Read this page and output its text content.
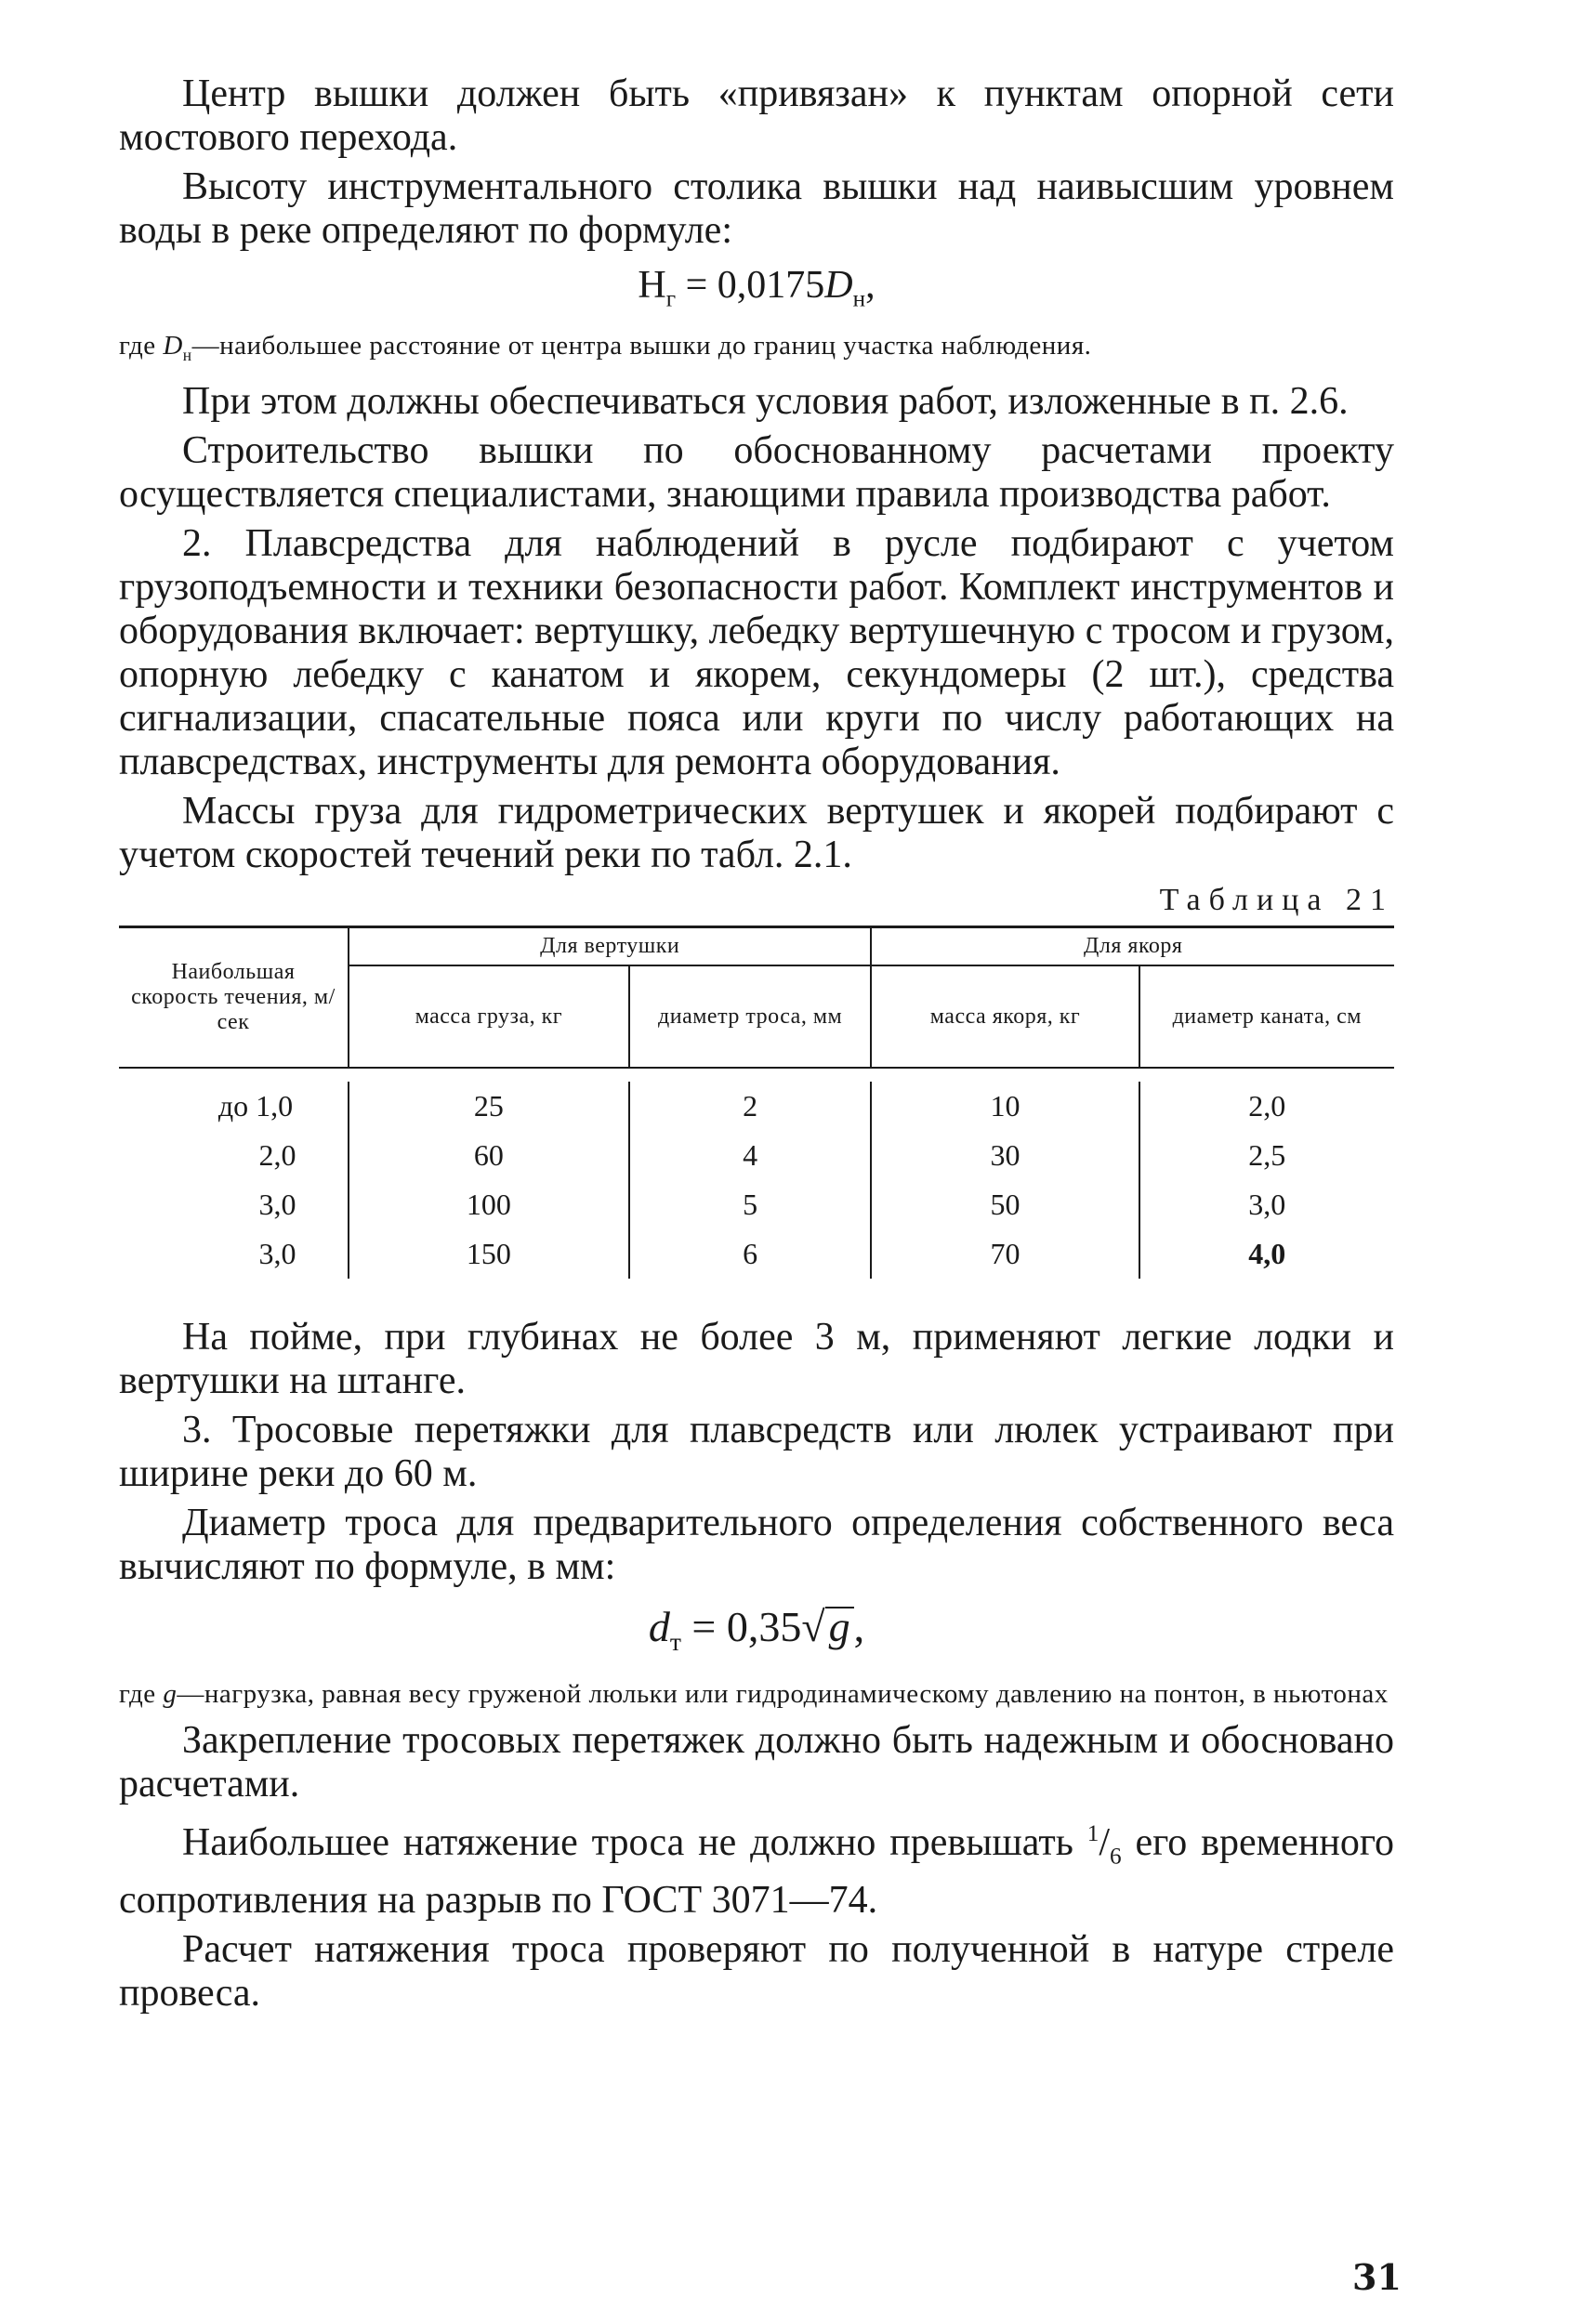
Центр вышки должен быть «привязан» к пунктам опорной сети мостового перехода.

Высоту инструментального столика вышки над наивысшим уровнем воды в реке определяют по формуле:

$H_г = 0,0175D_н$,

где $D_н—наибольшее$ расстояние от центра вышки до границ участка наблюдения.

При этом должны обеспечиваться условия работ, изложенные в п. 2.6.

Строительство вышки по обоснованному расчетами проекту осуществляется специалистами, знающими правила производства работ.

2. Плавсредства для наблюдений в русле подбирают с учетом грузоподъемности и техники безопасности работ. Комплект инструментов и оборудования включает: вертушку, лебедку вертушечную с тросом и грузом, опорную лебедку с канатом и якорем, секундомеры (2 шт.), средства сигнализации, спасательные пояса или круги по числу работающих на плавсредствах, инструменты для ремонта оборудования.

Массы груза для гидрометрических вертушек и якорей подбирают с учетом скоростей течений реки по табл. 2.1.

Таблица 21
Наибольшая скорость течения, м/сек	Для вертушки		Для якоря	
	масса груза, кг	диаметр троса, мм	масса якоря, кг	диаметр каната, см

до 1,0	25	2	10	2,0
2,0	60	4	30	2,5
3,0	100	5	50	3,0
3,0	150	6	70	4,0

На пойме, при глубинах не более 3 м, применяют легкие лодки и вертушки на штанге.

3. Тросовые перетяжки для плавсредств или люлек устраивают при ширине реки до 60 м.

Диаметр троса для предварительного определения собственного веса вычисляют по формуле, в мм:

$d_т = 0,35√g$,

где g—нагрузка, равная весу груженой люльки или гидродинамическому давлению на понтон, в ньютонах

Закрепление тросовых перетяжек должно быть надежным и обосновано расчетами.

Наибольшее натяжение троса не должно превышать $^1/_6$ его временного сопротивления на разрыв по ГОСТ 3071—74.

Расчет натяжения троса проверяют по полученной в натуре стреле провеса.

31
